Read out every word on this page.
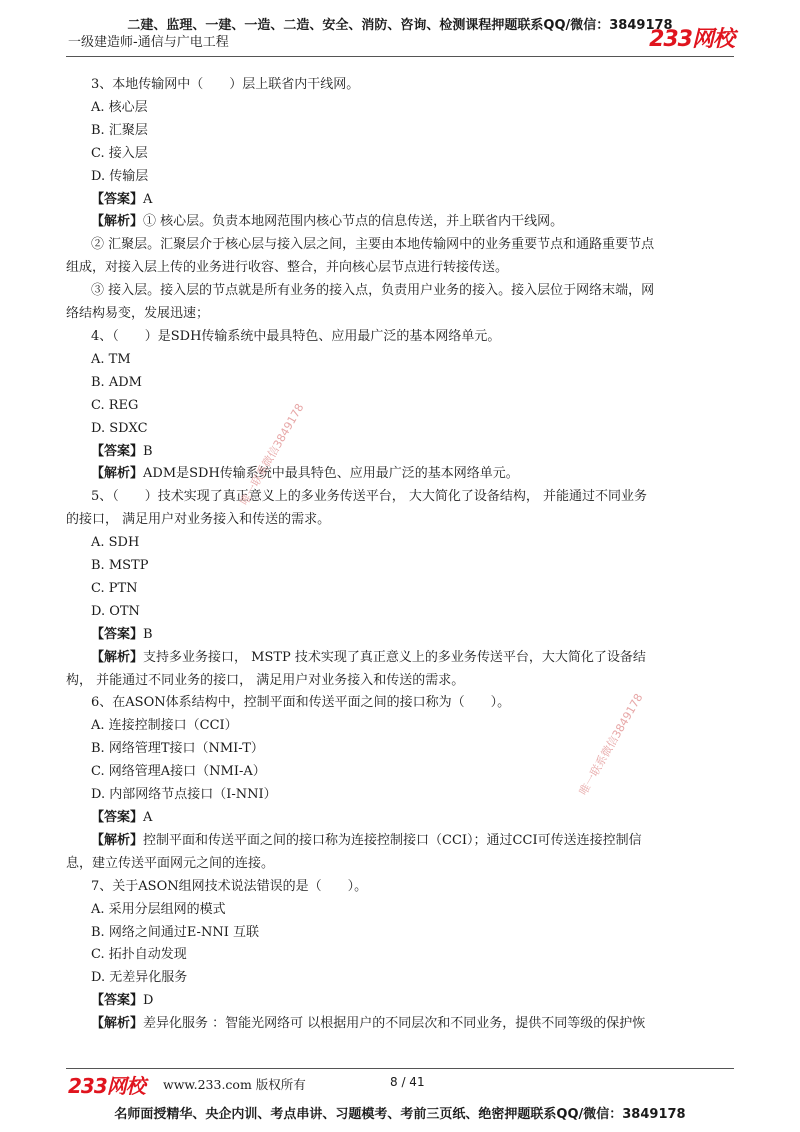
二建、监理、一建、一造、二造、安全、消防、咨询、检测课程押题联系QQ/微信：3849178
一级建造师-通信与广电工程	233网校

3、本地传输网中（　　）层上联省内干线网。

A. 核心层

B. 汇聚层

C. 接入层

D. 传输层

【答案】A

【解析】① 核心层。负责本地网范围内核心节点的信息传送，并上联省内干线网。

② 汇聚层。汇聚层介于核心层与接入层之间，主要由本地传输网中的业务重要节点和通路重要节点

组成，对接入层上传的业务进行收容、整合，并向核心层节点进行转接传送。

③ 接入层。接入层的节点就是所有业务的接入点，负责用户业务的接入。接入层位于网络末端，网

络结构易变，发展迅速；

4、（　　）是SDH传输系统中最具特色、应用最广泛的基本网络单元。

A. TM

B. ADM

C. REG

D. SDXC

【答案】B

【解析】ADM是SDH传输系统中最具特色、应用最广泛的基本网络单元。

5、（　　）技术实现了真正意义上的多业务传送平台， 大大简化了设备结构， 并能通过不同业务

的接口， 满足用户对业务接入和传送的需求。

A. SDH

B. MSTP

C. PTN

D. OTN

【答案】B

【解析】支持多业务接口， MSTP 技术实现了真正意义上的多业务传送平台，大大简化了设备结

构， 并能通过不同业务的接口， 满足用户对业务接入和传送的需求。

6、在ASON体系结构中，控制平面和传送平面之间的接口称为（　　）。

A. 连接控制接口（CCI）

B. 网络管理T接口（NMI-T）

C. 网络管理A接口（NMI-A）

D. 内部网络节点接口（I-NNI）

【答案】A

【解析】控制平面和传送平面之间的接口称为连接控制接口（CCI）；通过CCI可传送连接控制信

息，建立传送平面网元之间的连接。

7、关于ASON组网技术说法错误的是（　　）。

A. 采用分层组网的模式

B. 网络之间通过E-NNI 互联

C. 拓扑自动发现

D. 无差异化服务

【答案】D

【解析】差异化服务 ：智能光网络可 以根据用户的不同层次和不同业务，提供不同等级的保护恢

唯一联系微信3849178
唯一联系微信3849178
233网校 www.233.com 版权所有	8 / 41
名师面授精华、央企内训、考点串讲、习题模考、考前三页纸、绝密押题联系QQ/微信：3849178
